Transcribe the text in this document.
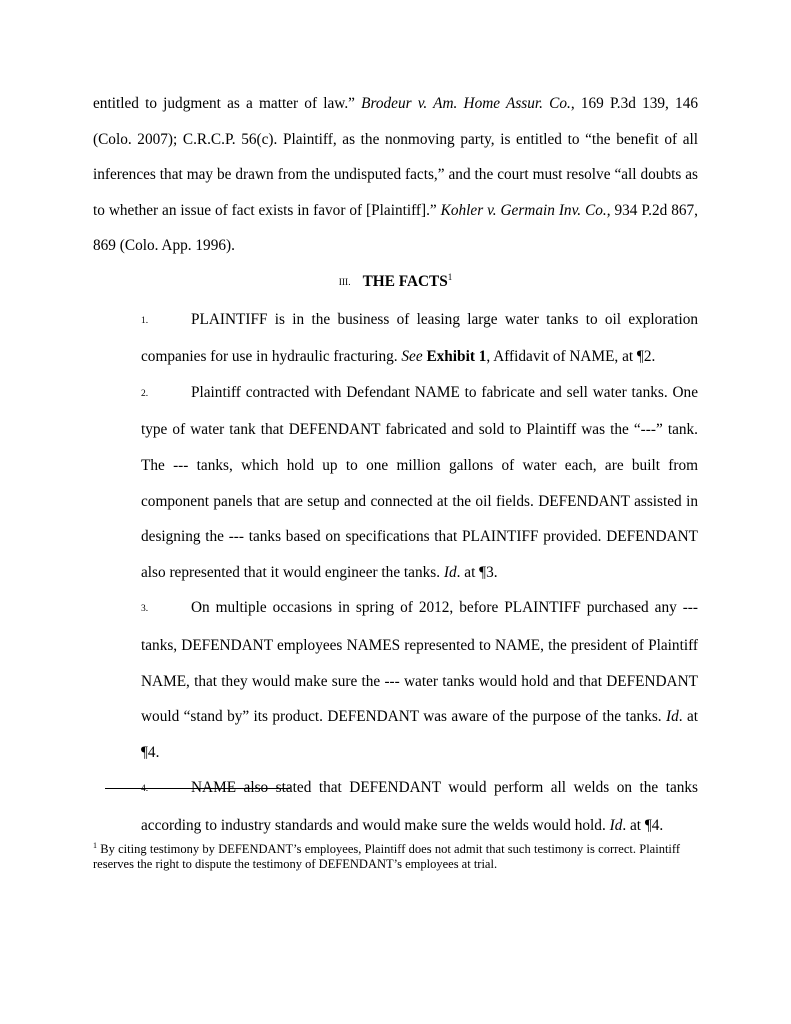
entitled to judgment as a matter of law.” Brodeur v. Am. Home Assur. Co., 169 P.3d 139, 146 (Colo. 2007); C.R.C.P. 56(c). Plaintiff, as the nonmoving party, is entitled to “the benefit of all inferences that may be drawn from the undisputed facts,” and the court must resolve “all doubts as to whether an issue of fact exists in favor of [Plaintiff].” Kohler v. Germain Inv. Co., 934 P.2d 867, 869 (Colo. App. 1996).

III. THE FACTS$^1$

1.	PLAINTIFF is in the business of leasing large water tanks to oil exploration companies for use in hydraulic fracturing. See Exhibit 1, Affidavit of NAME, at ¶2.

2.	Plaintiff contracted with Defendant NAME to fabricate and sell water tanks. One type of water tank that DEFENDANT fabricated and sold to Plaintiff was the “---” tank. The --- tanks, which hold up to one million gallons of water each, are built from component panels that are setup and connected at the oil fields. DEFENDANT assisted in designing the --- tanks based on specifications that PLAINTIFF provided. DEFENDANT also represented that it would engineer the tanks. Id. at ¶3.

3.	On multiple occasions in spring of 2012, before PLAINTIFF purchased any --- tanks, DEFENDANT employees NAMES represented to NAME, the president of Plaintiff NAME, that they would make sure the --- water tanks would hold and that DEFENDANT would “stand by” its product. DEFENDANT was aware of the purpose of the tanks. Id. at ¶4.

4.	NAME also stated that DEFENDANT would perform all welds on the tanks according to industry standards and would make sure the welds would hold. Id. at ¶4.

$^1$ By citing testimony by DEFENDANT’s employees, Plaintiff does not admit that such testimony is correct. Plaintiff reserves the right to dispute the testimony of DEFENDANT’s employees at trial.
